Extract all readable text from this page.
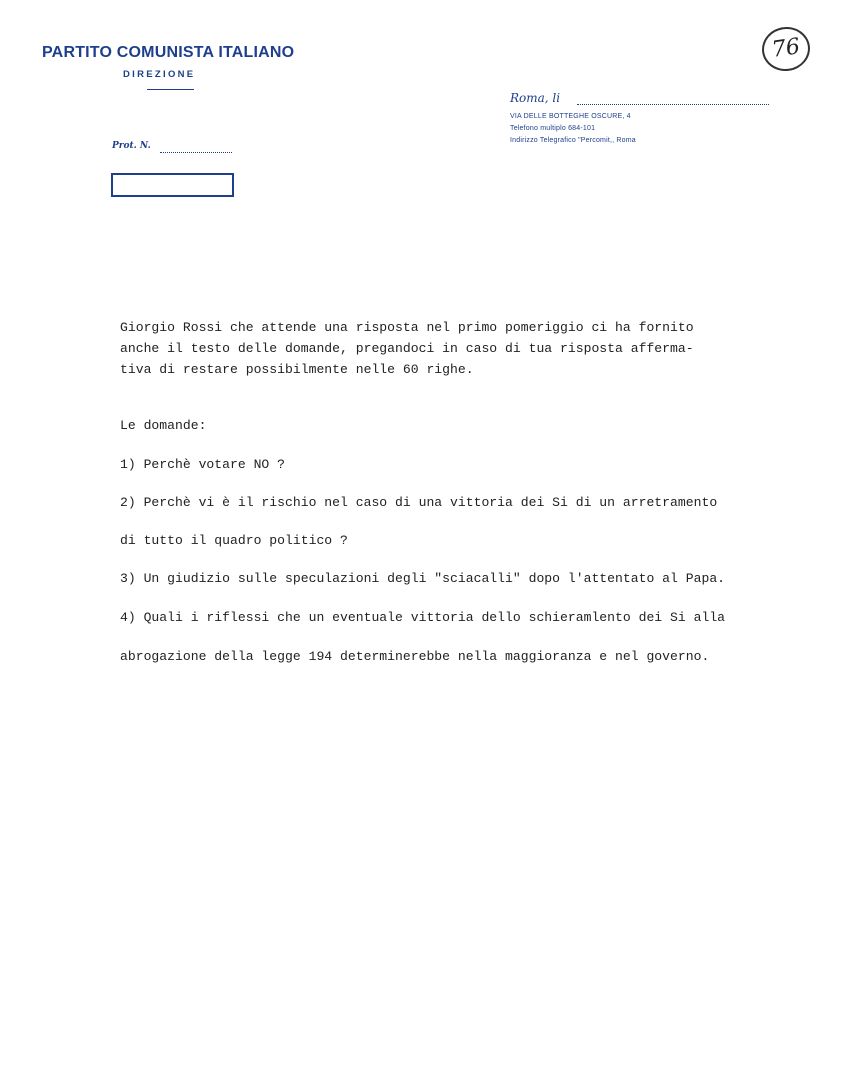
PARTITO COMUNISTA ITALIANO
DIREZIONE
76
Roma, li
VIA DELLE BOTTEGHE OSCURE, 4
Telefono multiplo 684-101
Indirizzo Telegrafico "Percomit,, Roma
Prot. N.
Giorgio Rossi che attende una risposta nel primo pomeriggio ci ha fornito
anche il testo delle domande, pregandoci in caso di tua risposta afferma-
tiva di restare possibilmente nelle 60 righe.
Le domande:
1) Perchè votare NO ?
2) Perchè vi è il rischio nel caso di una vittoria dei Si di un arretramento
di tutto il quadro politico ?
3) Un giudizio sulle speculazioni degli "sciacalli" dopo l'attentato al Papa.
4) Quali i riflessi che un eventuale vittoria dello schieramlento dei Si alla
abrogazione della legge 194 determinerebbe nella maggioranza e nel governo.
